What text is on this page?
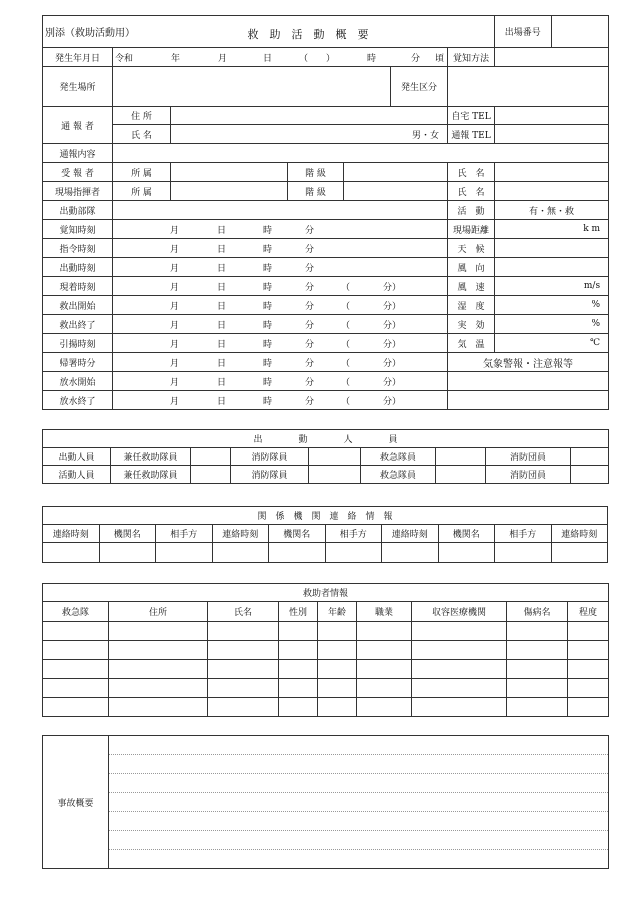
別添（救助活動用）	救　助　活　動　概　要
		出場番号	

発生年月日	令和	年	月	日	（　　）	時	分 頃	覚知方法	
発生場所		発生区分	
通 報 者	住 所		自宅 TEL	
氏 名	男・女	通報 TEL	
通報内容	
受 報 者	所 属		階 級		氏　名	
現場指揮者	所 属		階 級		氏　名	
出動部隊		活　動	有・無・救
覚知時刻	月	日	時	分	現場距離	k m
指令時刻	月	日	時	分	天　候	
出動時刻	月	日	時	分	風　向	
現着時刻	月	日	時	分	（	分）	風　速	m/s
救出開始	月	日	時	分	（	分）	湿　度	%
救出終了	月	日	時	分	（	分）	実　効	%
引揚時刻	月	日	時	分	（	分）	気　温	℃
帰署時分	月	日	時	分	（	分）	気象警報・注意報等
放水開始	月	日	時	分	（	分）

放水終了	月	日	時	分	（	分）

出　　　　動　　　　人　　　　員								
出動人員	兼任救助隊員		消防隊員		救急隊員		消防団員	
活動人員	兼任救助隊員		消防隊員		救急隊員		消防団員	
関　係　機　関　連　絡　情　報									
連絡時刻	機関名	相手方	連絡時刻	機関名	相手方	連絡時刻	機関名	相手方	連絡時刻

救助者情報								
救急隊	住所	氏名	性別	年齢	職業	収容医療機関	傷病名	程度

事故概要	
